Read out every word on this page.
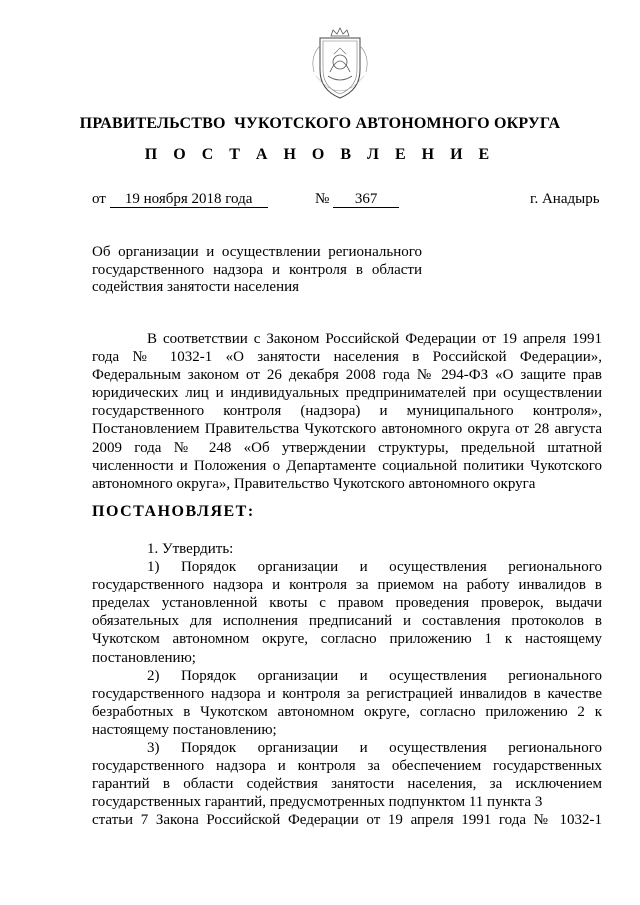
ПРАВИТЕЛЬСТВО  ЧУКОТСКОГО АВТОНОМНОГО ОКРУГА
П О С Т А Н О В Л Е Н И Е
от 19 ноября 2018 года	№ 367	г. Анадырь
Об организации и осуществлении регионального
государственного надзора и контроля в области
содействия занятости населения
В соответствии с Законом Российской Федерации от 19 апреля 1991 года № 1032-1 «О занятости населения в Российской Федерации», Федеральным законом от 26 декабря 2008 года № 294-ФЗ «О защите прав юридических лиц и индивидуальных предпринимателей при осуществлении государственного контроля (надзора) и муниципального контроля», Постановлением Правительства Чукотского автономного округа от 28 августа 2009 года № 248 «Об утверждении структуры, предельной штатной численности и Положения о Департаменте социальной политики Чукотского автономного округа», Правительство Чукотского автономного округа
ПОСТАНОВЛЯЕТ:

1. Утвердить:

1) Порядок организации и осуществления регионального государственного надзора и контроля за приемом на работу инвалидов в пределах установленной квоты с правом проведения проверок, выдачи обязательных для исполнения предписаний и составления протоколов в Чукотском автономном округе, согласно приложению 1 к настоящему постановлению;

2) Порядок организации и осуществления регионального государственного надзора и контроля за регистрацией инвалидов в качестве безработных в Чукотском автономном округе, согласно приложению 2 к настоящему постановлению;

3) Порядок организации и осуществления регионального государственного надзора и контроля за обеспечением государственных гарантий в области содействия занятости населения, за исключением государственных гарантий, предусмотренных подпунктом 11 пункта 3

статьи 7 Закона Российской Федерации от 19 апреля 1991 года № 1032-1
